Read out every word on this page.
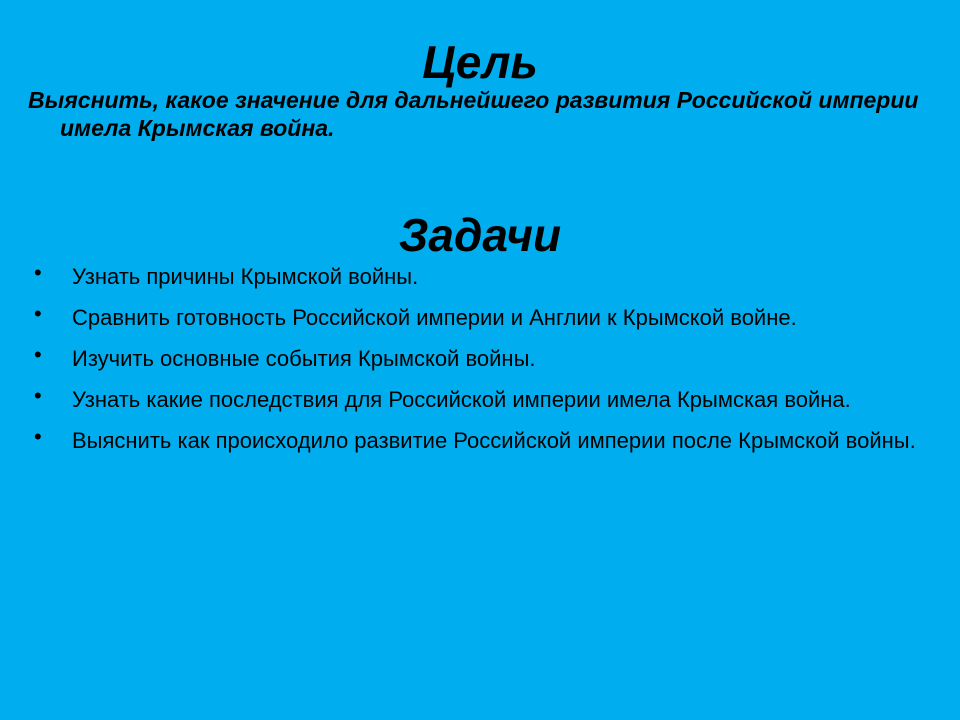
Цель

Выяснить, какое значение для дальнейшего развития Российской империи имела Крымская война.

Задачи
• Узнать причины Крымской войны.
• Сравнить готовность Российской империи и Англии к Крымской войне.
• Изучить основные события Крымской войны.
• Узнать какие последствия для Российской империи имела Крымская война.
• Выяснить как происходило развитие Российской империи после Крымской войны.
